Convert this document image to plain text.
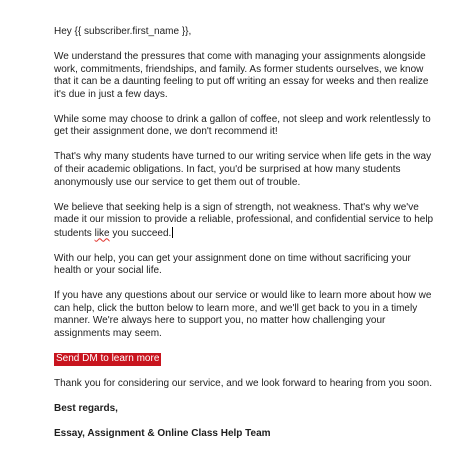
Hey {{ subscriber.first_name }},

We understand the pressures that come with managing your assignments alongside work, commitments, friendships, and family. As former students ourselves, we know that it can be a daunting feeling to put off writing an essay for weeks and then realize it's due in just a few days.

While some may choose to drink a gallon of coffee, not sleep and work relentlessly to get their assignment done, we don't recommend it!

That's why many students have turned to our writing service when life gets in the way of their academic obligations. In fact, you'd be surprised at how many students anonymously use our service to get them out of trouble.

We believe that seeking help is a sign of strength, not weakness. That's why we've made it our mission to provide a reliable, professional, and confidential service to help students like you succeed.

With our help, you can get your assignment done on time without sacrificing your health or your social life.

If you have any questions about our service or would like to learn more about how we can help, click the button below to learn more, and we'll get back to you in a timely manner. We're always here to support you, no matter how challenging your assignments may seem.

Send DM to learn more

Thank you for considering our service, and we look forward to hearing from you soon.

Best regards,

Essay, Assignment & Online Class Help Team
